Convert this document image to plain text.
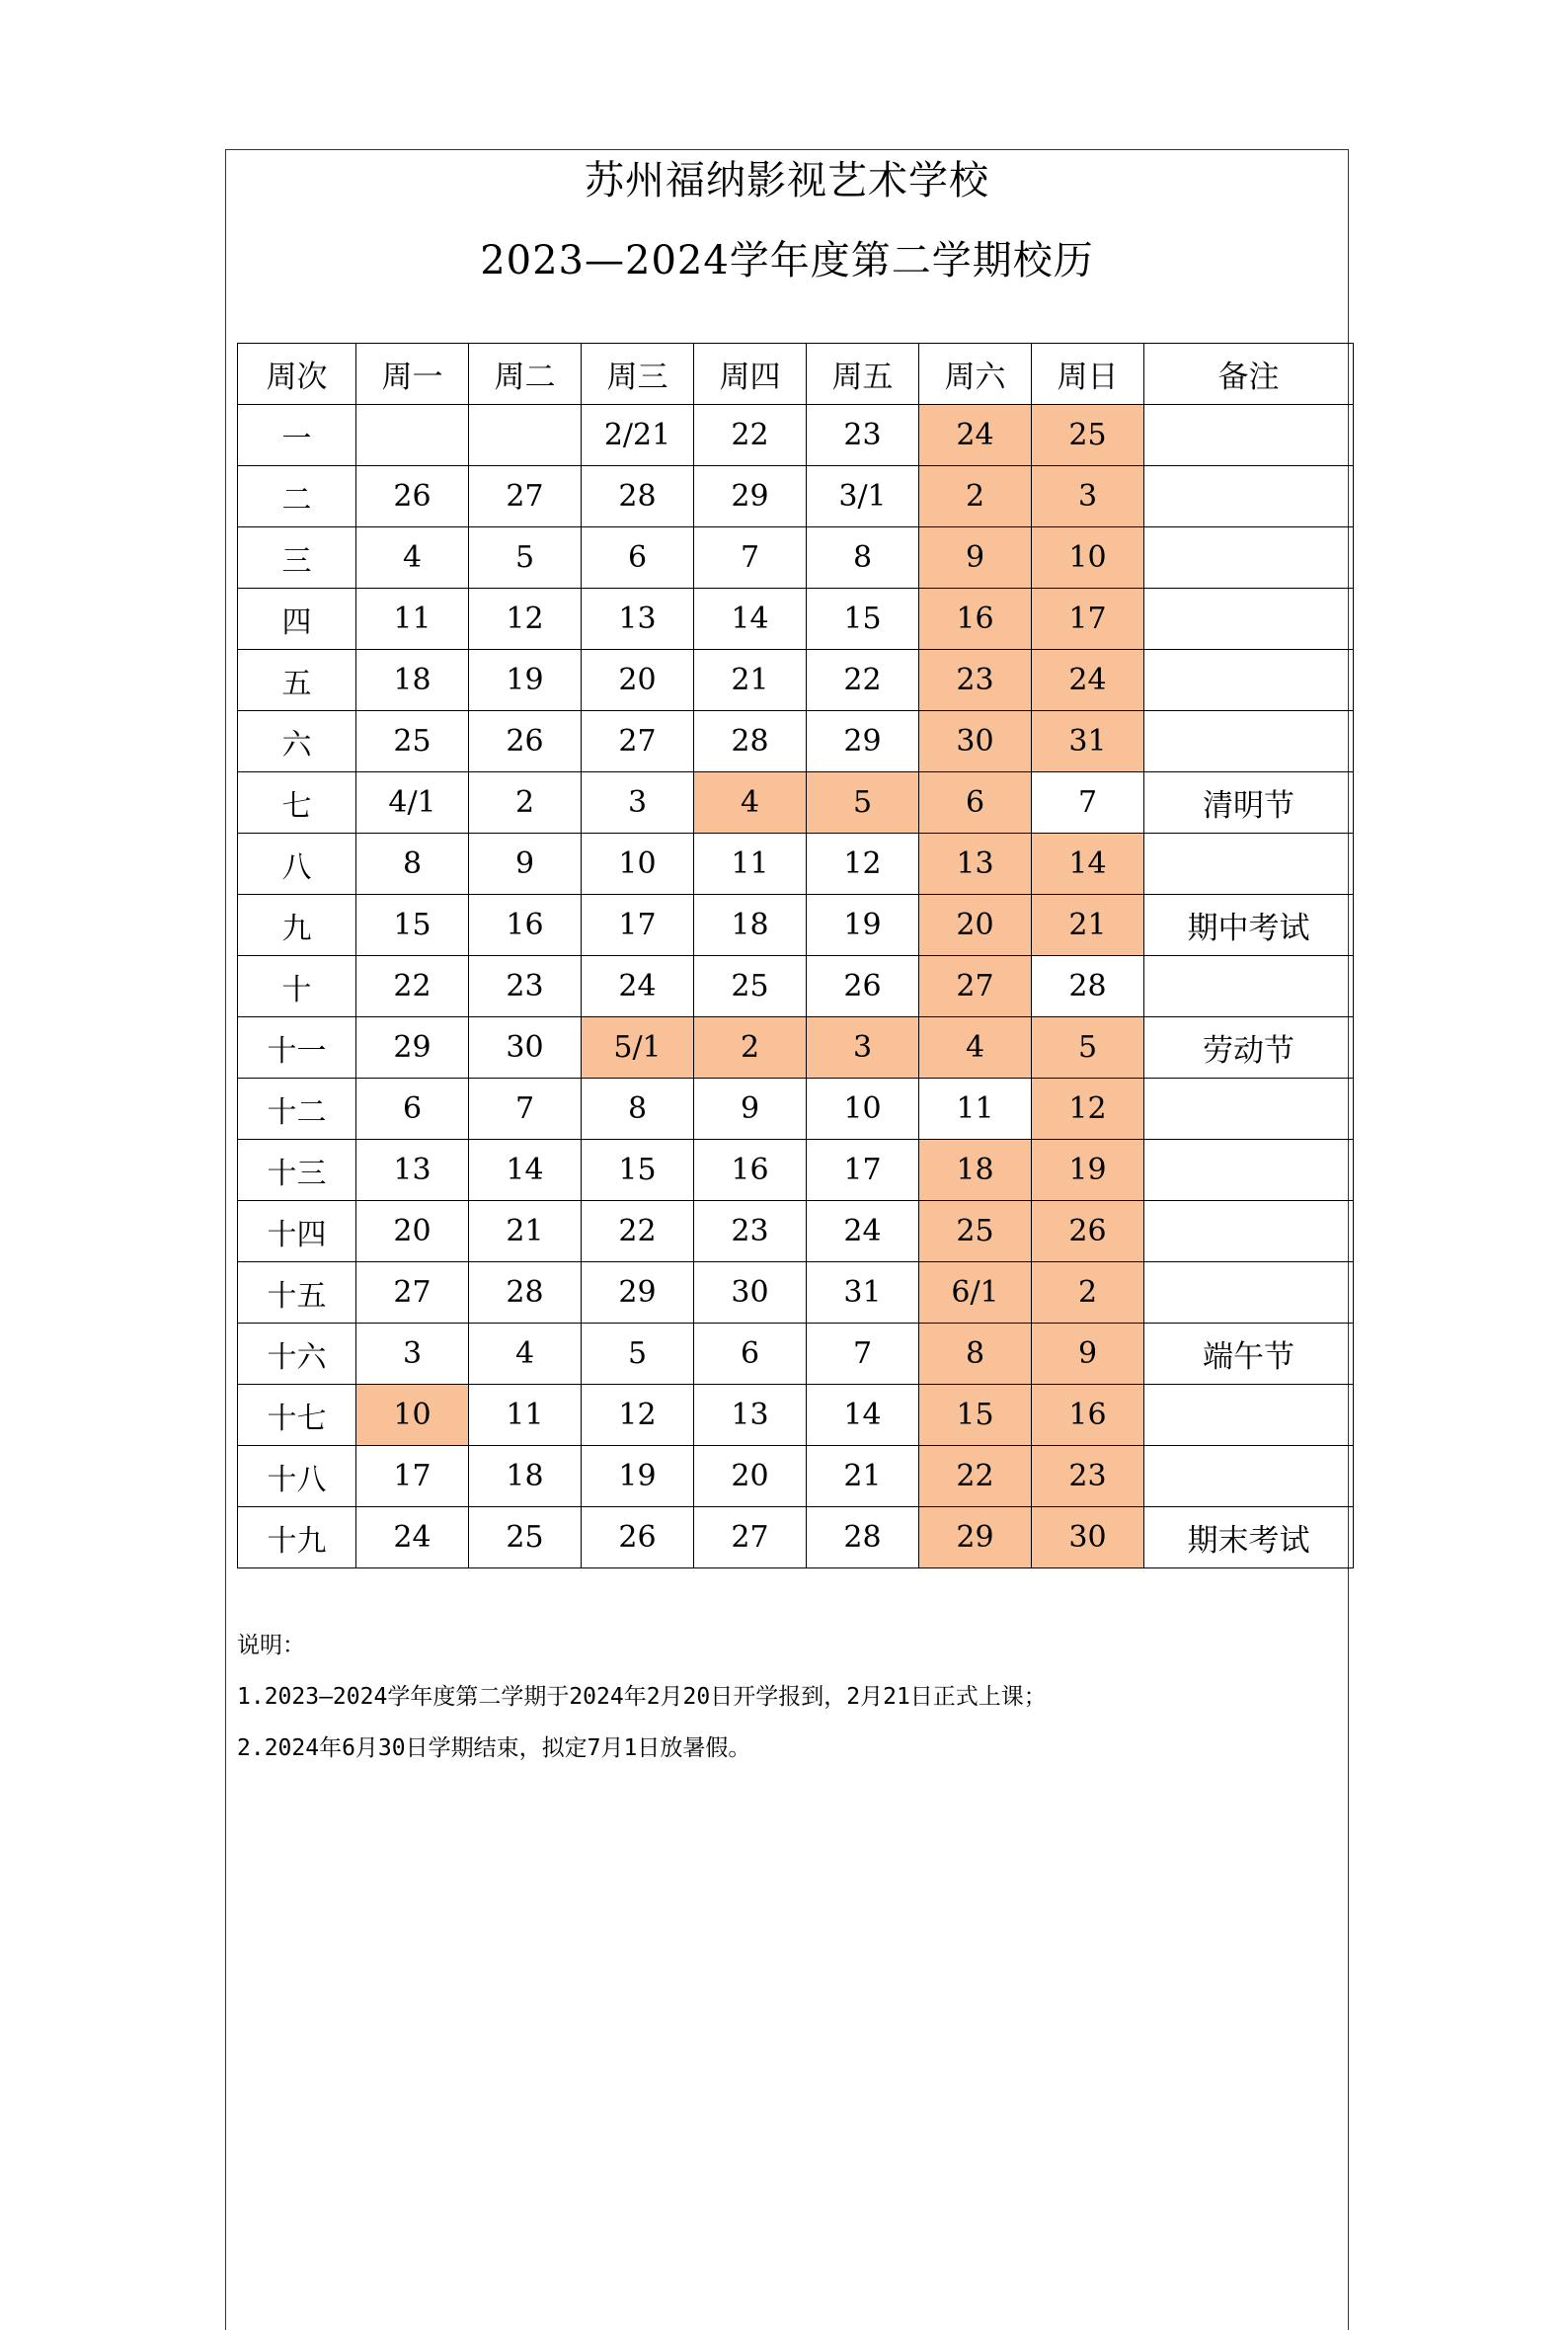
苏州福纳影视艺术学校
2023—2024学年度第二学期校历
周次	周一	周二	周三	周四	周五	周六	周日	备注
一			2/21	22	23	24	25	
二	26	27	28	29	3/1	2	3	
三	4	5	6	7	8	9	10	
四	11	12	13	14	15	16	17	
五	18	19	20	21	22	23	24	
六	25	26	27	28	29	30	31	
七	4/1	2	3	4	5	6	7	清明节
八	8	9	10	11	12	13	14	
九	15	16	17	18	19	20	21	期中考试
十	22	23	24	25	26	27	28	
十一	29	30	5/1	2	3	4	5	劳动节
十二	6	7	8	9	10	11	12	
十三	13	14	15	16	17	18	19	
十四	20	21	22	23	24	25	26	
十五	27	28	29	30	31	6/1	2	
十六	3	4	5	6	7	8	9	端午节
十七	10	11	12	13	14	15	16	
十八	17	18	19	20	21	22	23	
十九	24	25	26	27	28	29	30	期末考试
说明：
1.2023—2024学年度第二学期于2024年2月20日开学报到，2月21日正式上课；
2.2024年6月30日学期结束，拟定7月1日放暑假。
